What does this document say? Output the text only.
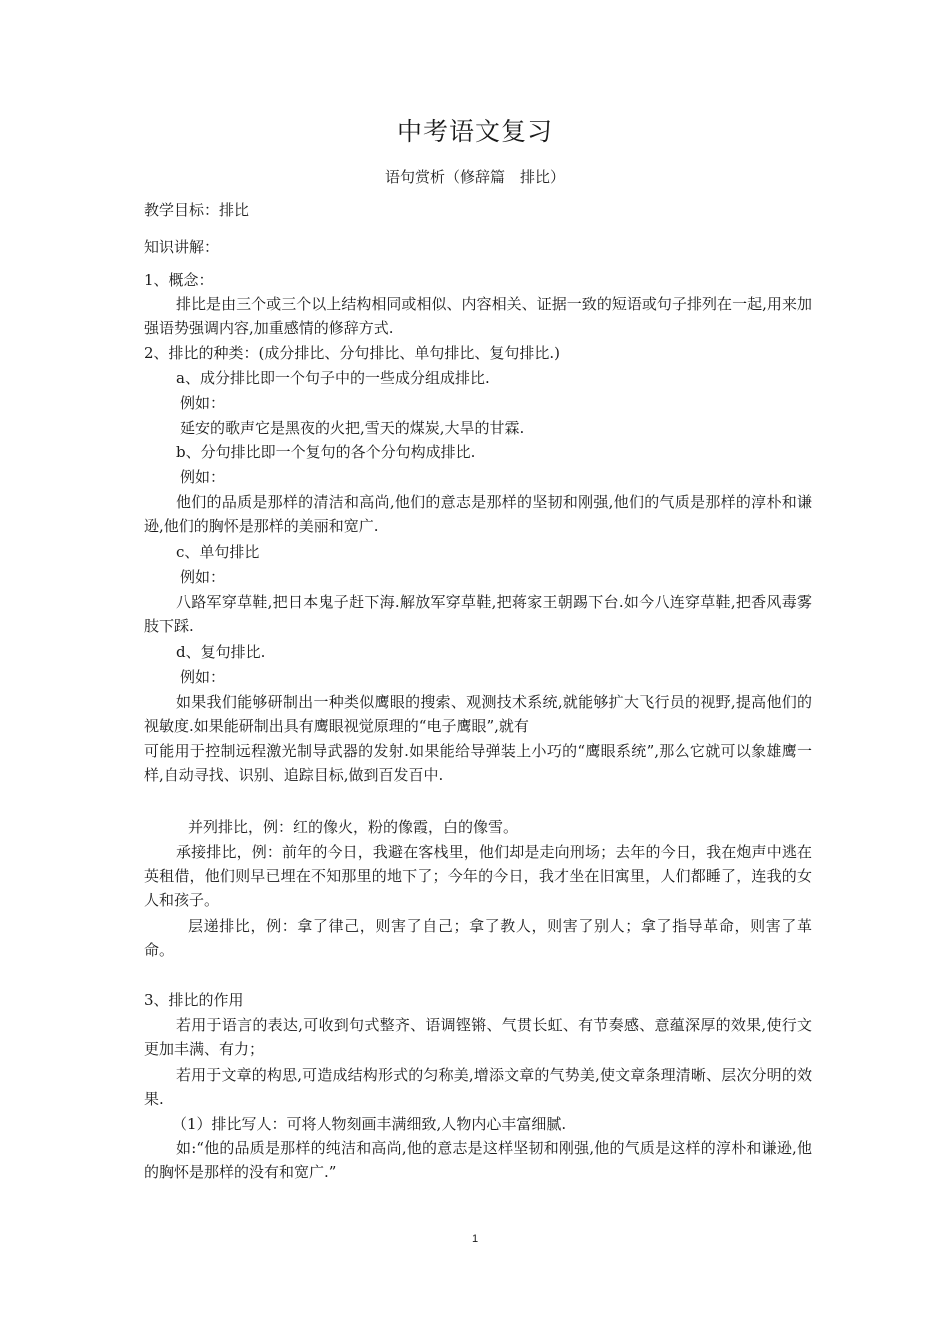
中考语文复习
语句赏析（修辞篇　排比）
教学目标：排比
知识讲解：
1、概念：
排比是由三个或三个以上结构相同或相似、内容相关、证据一致的短语或句子排列在一起,用来加强语势强调内容,加重感情的修辞方式.
2、排比的种类：(成分排比、分句排比、单句排比、复句排比.)
a、成分排比即一个句子中的一些成分组成排比.
例如：
延安的歌声它是黑夜的火把,雪天的煤炭,大旱的甘霖.
b、分句排比即一个复句的各个分句构成排比.
例如：
他们的品质是那样的清洁和高尚,他们的意志是那样的坚韧和刚强,他们的气质是那样的淳朴和谦逊,他们的胸怀是那样的美丽和宽广.
c、单句排比
例如：
八路军穿草鞋,把日本鬼子赶下海.解放军穿草鞋,把蒋家王朝踢下台.如今八连穿草鞋,把香风毒雾肢下踩.
d、复句排比.
例如：
如果我们能够研制出一种类似鹰眼的搜索、观测技术系统,就能够扩大飞行员的视野,提高他们的视敏度.如果能研制出具有鹰眼视觉原理的“电子鹰眼”,就有
可能用于控制远程激光制导武器的发射.如果能给导弹装上小巧的“鹰眼系统”,那么它就可以象雄鹰一样,自动寻找、识别、追踪目标,做到百发百中.
并列排比，例：红的像火，粉的像霞，白的像雪。
承接排比，例：前年的今日，我避在客栈里，他们却是走向刑场；去年的今日，我在炮声中逃在英租借，他们则早已埋在不知那里的地下了；今年的今日，我才坐在旧寓里，人们都睡了，连我的女人和孩子。
层递排比，例：拿了律己，则害了自己；拿了教人，则害了别人；拿了指导革命，则害了革命。
3、排比的作用
若用于语言的表达,可收到句式整齐、语调铿锵、气贯长虹、有节奏感、意蕴深厚的效果,使行文更加丰满、有力；
若用于文章的构思,可造成结构形式的匀称美,增添文章的气势美,使文章条理清晰、层次分明的效果.
（1）排比写人：可将人物刻画丰满细致,人物内心丰富细腻.
如:“他的品质是那样的纯洁和高尚,他的意志是这样坚韧和刚强,他的气质是这样的淳朴和谦逊,他的胸怀是那样的没有和宽广.”
1
